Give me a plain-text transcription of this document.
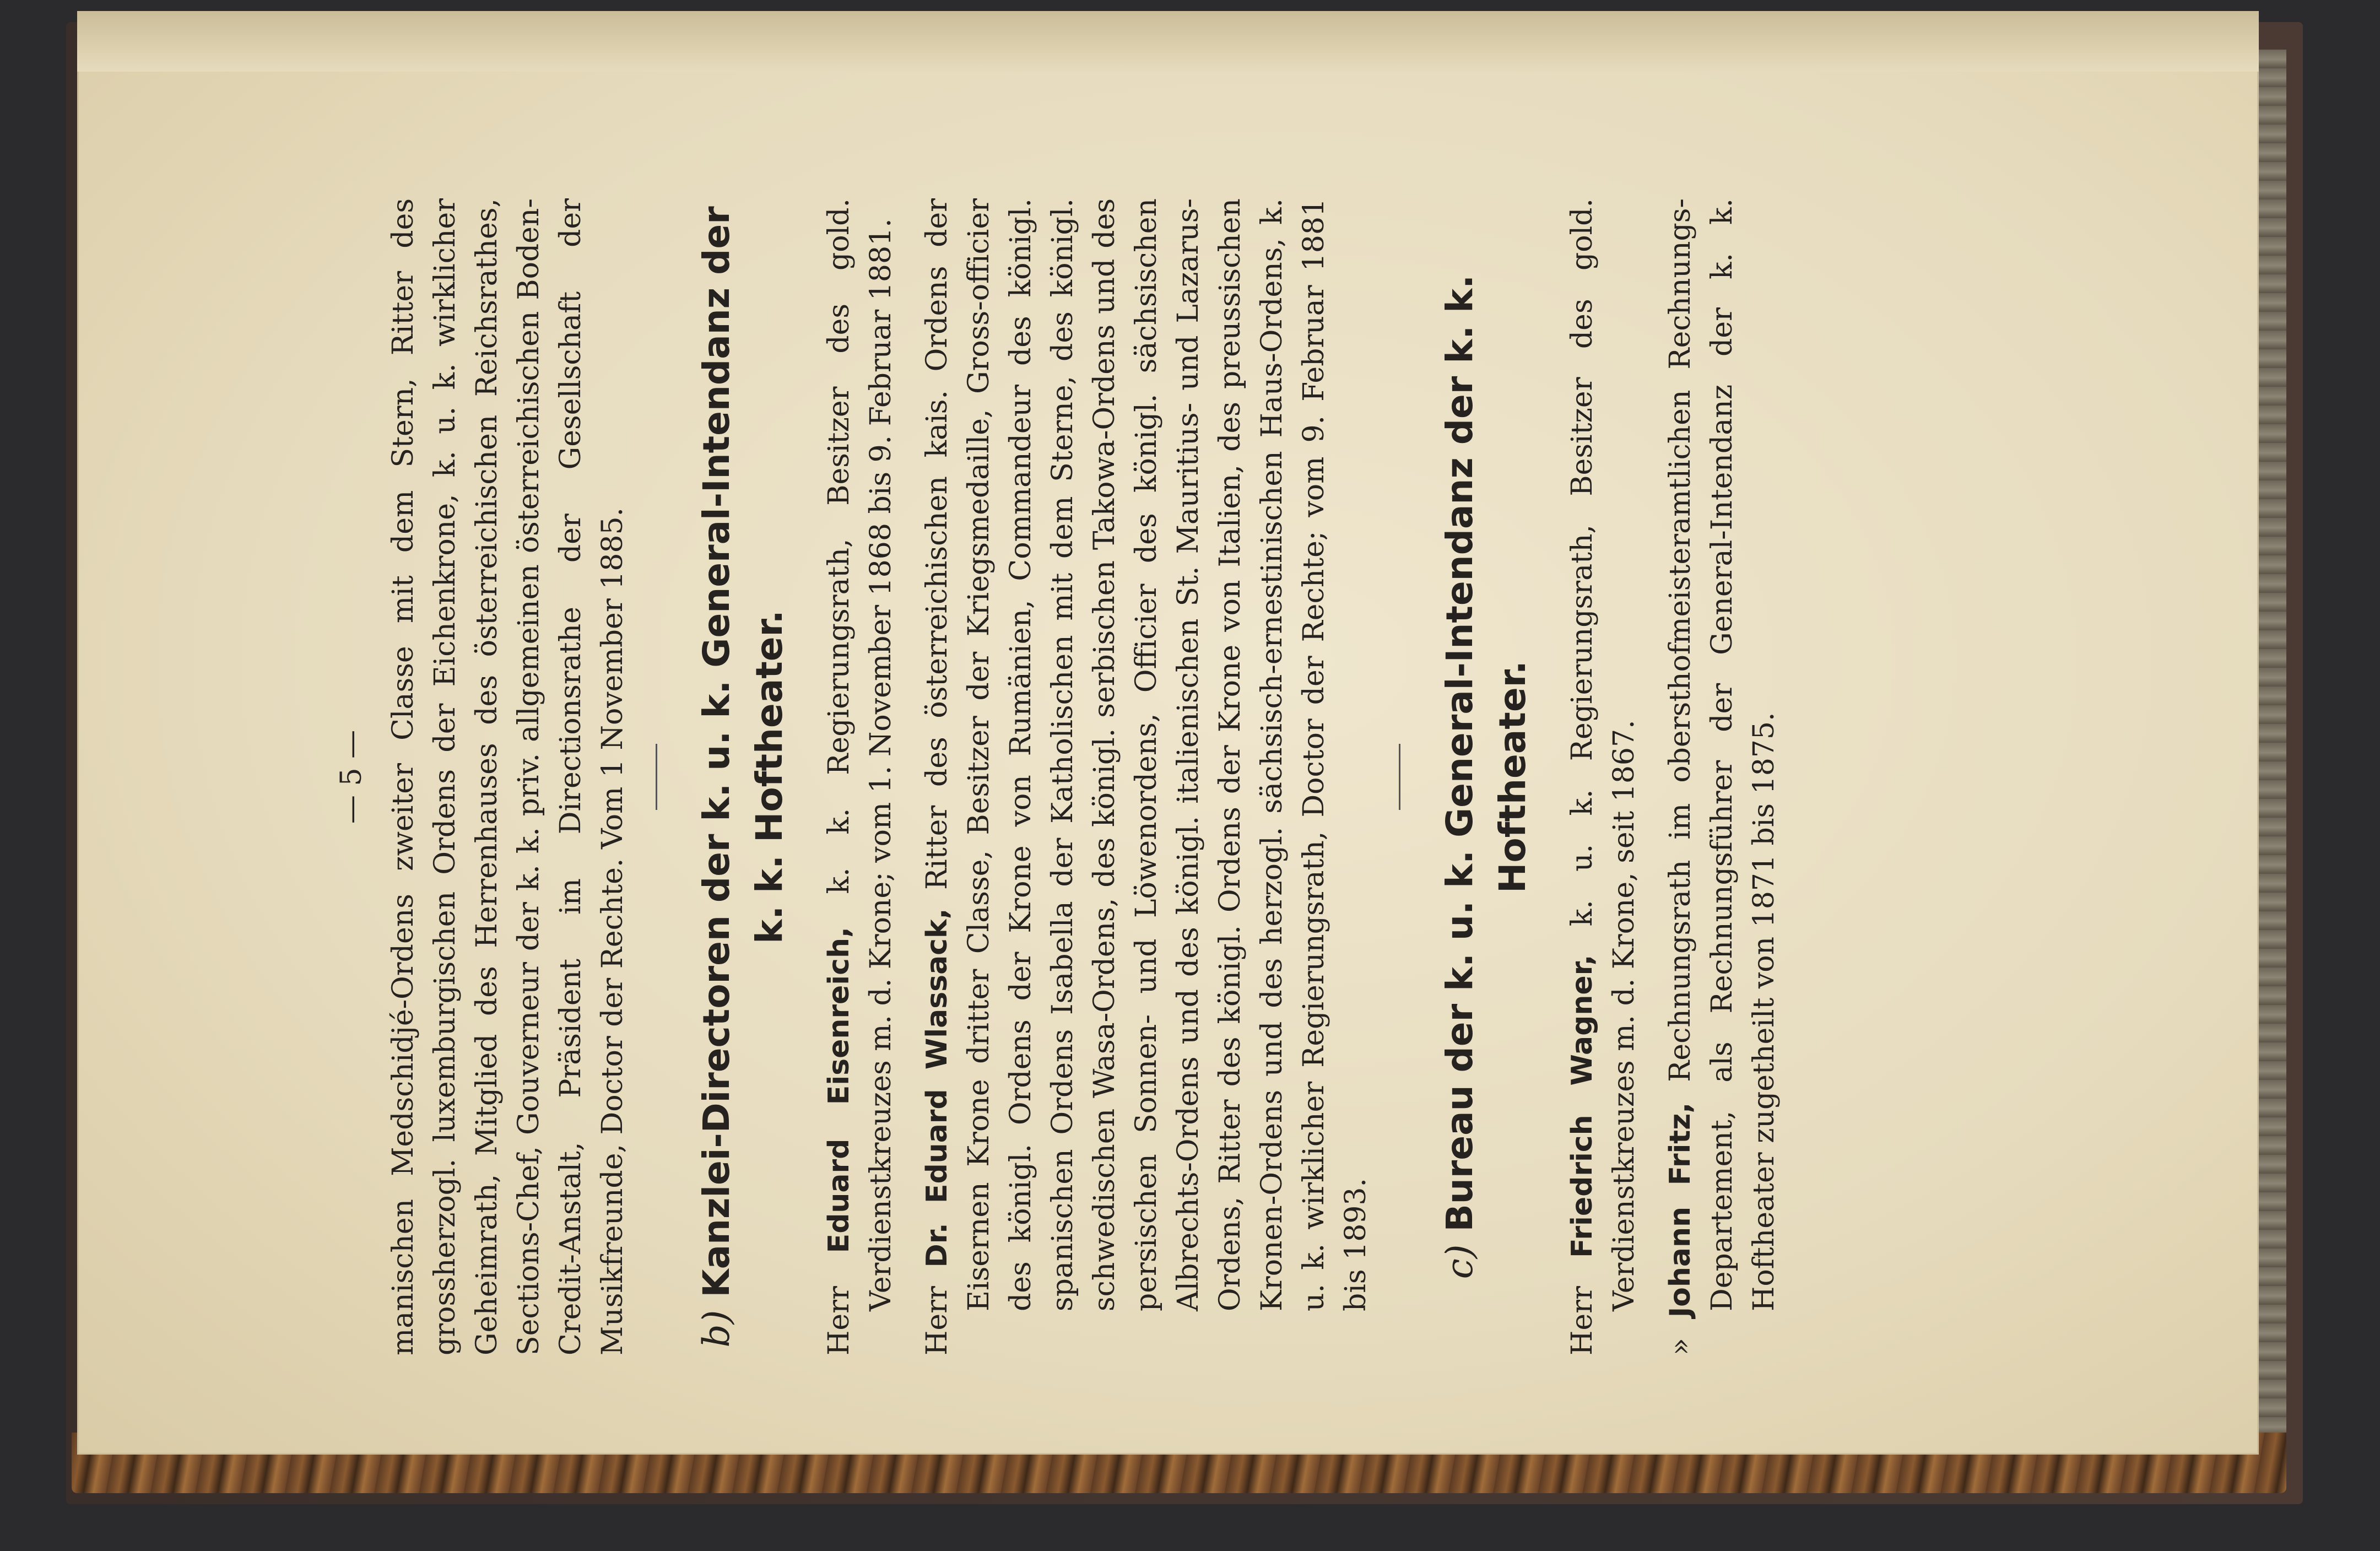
— 5 — manischen Medschidjé-Ordens zweiter Classe mit dem Stern, Ritter des grossherzogl. luxemburgischen Ordens der Eichenkrone, k. u. k. wirklicher Geheimrath, Mitglied des Herrenhauses des österreichischen Reichsrathes, Sections-Chef, Gouverneur der k. k. priv. allgemeinen österreichischen Boden-Credit-Anstalt, Präsident im Directionsrathe der Gesellschaft der Musikfreunde, Doctor der Rechte. Vom 1 November 1885. b) Kanzlei-Directoren der k. u. k. General-Intendanz der k. k. Hoftheater.

Herr Eduard Eisenreich, k. k. Regierungsrath, Besitzer des gold. Verdienstkreuzes m. d. Krone; vom 1. November 1868 bis 9. Februar 1881.

Herr Dr. Eduard Wlassack, Ritter des österreichischen kais. Ordens der Eisernen Krone dritter Classe, Besitzer der Kriegsmedaille, Gross-officier des königl. Ordens der Krone von Rumänien, Commandeur des königl. spanischen Ordens Isabella der Katholischen mit dem Sterne, des königl. schwedischen Wasa-Ordens, des königl. serbischen Takowa-Ordens und des persischen Sonnen- und Löwenordens, Officier des königl. sächsischen Albrechts-Ordens und des königl. italienischen St. Mauritius- und Lazarus-Ordens, Ritter des königl. Ordens der Krone von Italien, des preussischen Kronen-Ordens und des herzogl. sächsisch-ernestinischen Haus-Ordens, k. u. k. wirklicher Regierungsrath, Doctor der Rechte; vom 9. Februar 1881 bis 1893. c) Bureau der k. u. k. General-Intendanz der k. k. Hoftheater.

Herr Friedrich Wagner, k. u. k. Regierungsrath, Besitzer des gold. Verdienstkreuzes m. d. Krone, seit 1867.

» Johann Fritz, Rechnungsrath im obersthofmeisteramtlichen Rechnungs-Departement, als Rechnungsführer der General-Intendanz der k. k. Hoftheater zugetheilt von 1871 bis 1875.
